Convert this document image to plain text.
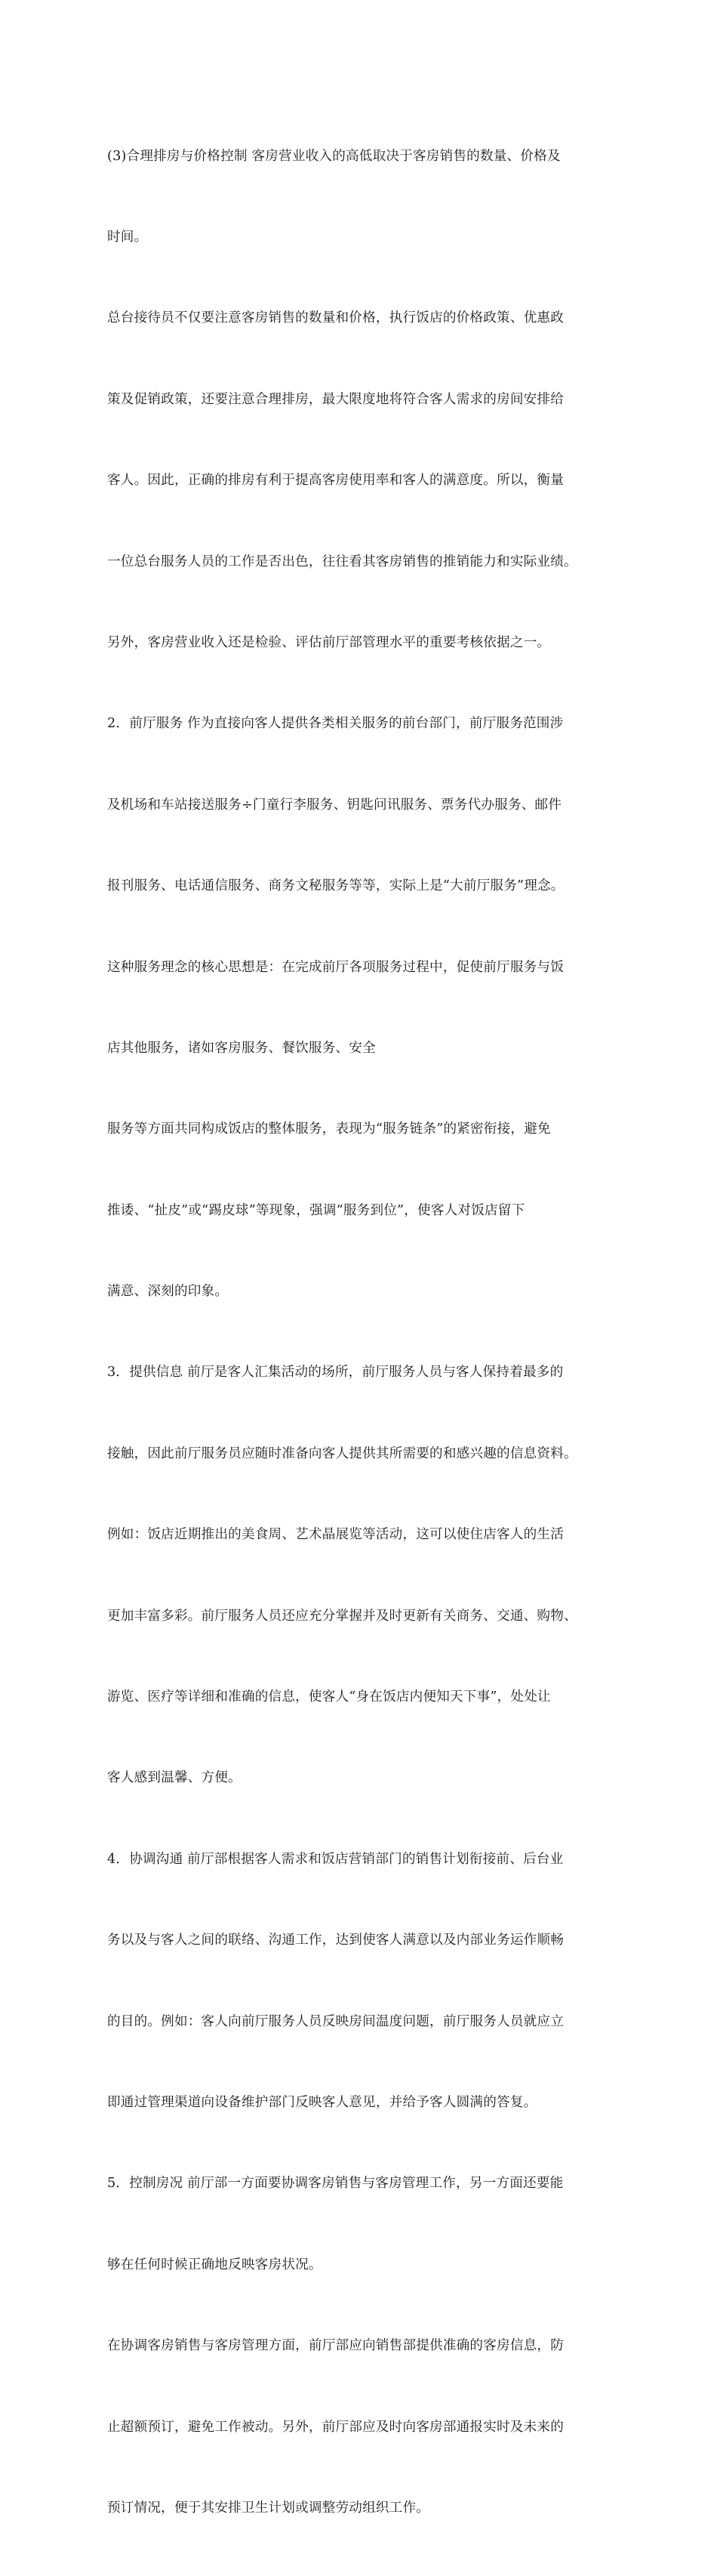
(3)合理排房与价格控制 客房营业收入的高低取决于客房销售的数量、价格及

时间。

总台接待员不仅要注意客房销售的数量和价格，执行饭店的价格政策、优惠政

策及促销政策，还要注意合理排房，最大限度地将符合客人需求的房间安排给

客人。因此，正确的排房有利于提高客房使用率和客人的满意度。所以，衡量

一位总台服务人员的工作是否出色，往往看其客房销售的推销能力和实际业绩。

另外，客房营业收入还是检验、评估前厅部管理水平的重要考核依据之一。

2．前厅服务 作为直接向客人提供各类相关服务的前台部门，前厅服务范围涉

及机场和车站接送服务÷门童行李服务、钥匙问讯服务、票务代办服务、邮件

报刊服务、电话通信服务、商务文秘服务等等，实际上是“大前厅服务”理念。

这种服务理念的核心思想是：在完成前厅各项服务过程中，促使前厅服务与饭

店其他服务，诸如客房服务、餐饮服务、安全

服务等方面共同构成饭店的整体服务，表现为“服务链条”的紧密衔接，避免

推诿、“扯皮”或“踢皮球”等现象，强调“服务到位”，使客人对饭店留下

满意、深刻的印象。

3．提供信息 前厅是客人汇集活动的场所，前厅服务人员与客人保持着最多的

接触，因此前厅服务员应随时准备向客人提供其所需要的和感兴趣的信息资料。

例如：饭店近期推出的美食周、艺术晶展览等活动，这可以使住店客人的生活

更加丰富多彩。前厅服务人员还应充分掌握并及时更新有关商务、交通、购物、

游览、医疗等详细和准确的信息，使客人“身在饭店内便知天下事”，处处让

客人感到温馨、方便。

4．协调沟通 前厅部根据客人需求和饭店营销部门的销售计划衔接前、后台业

务以及与客人之间的联络、沟通工作，达到使客人满意以及内部业务运作顺畅

的目的。例如：客人向前厅服务人员反映房间温度问题，前厅服务人员就应立

即通过管理渠道向设备维护部门反映客人意见，并给予客人圆满的答复。

5．控制房况 前厅部一方面要协调客房销售与客房管理工作，另一方面还要能

够在任何时候正确地反映客房状况。

在协调客房销售与客房管理方面，前厅部应向销售部提供准确的客房信息，防

止超额预订，避免工作被动。另外，前厅部应及时向客房部通报实时及未来的

预订情况，便于其安排卫生计划或调整劳动组织工作。
